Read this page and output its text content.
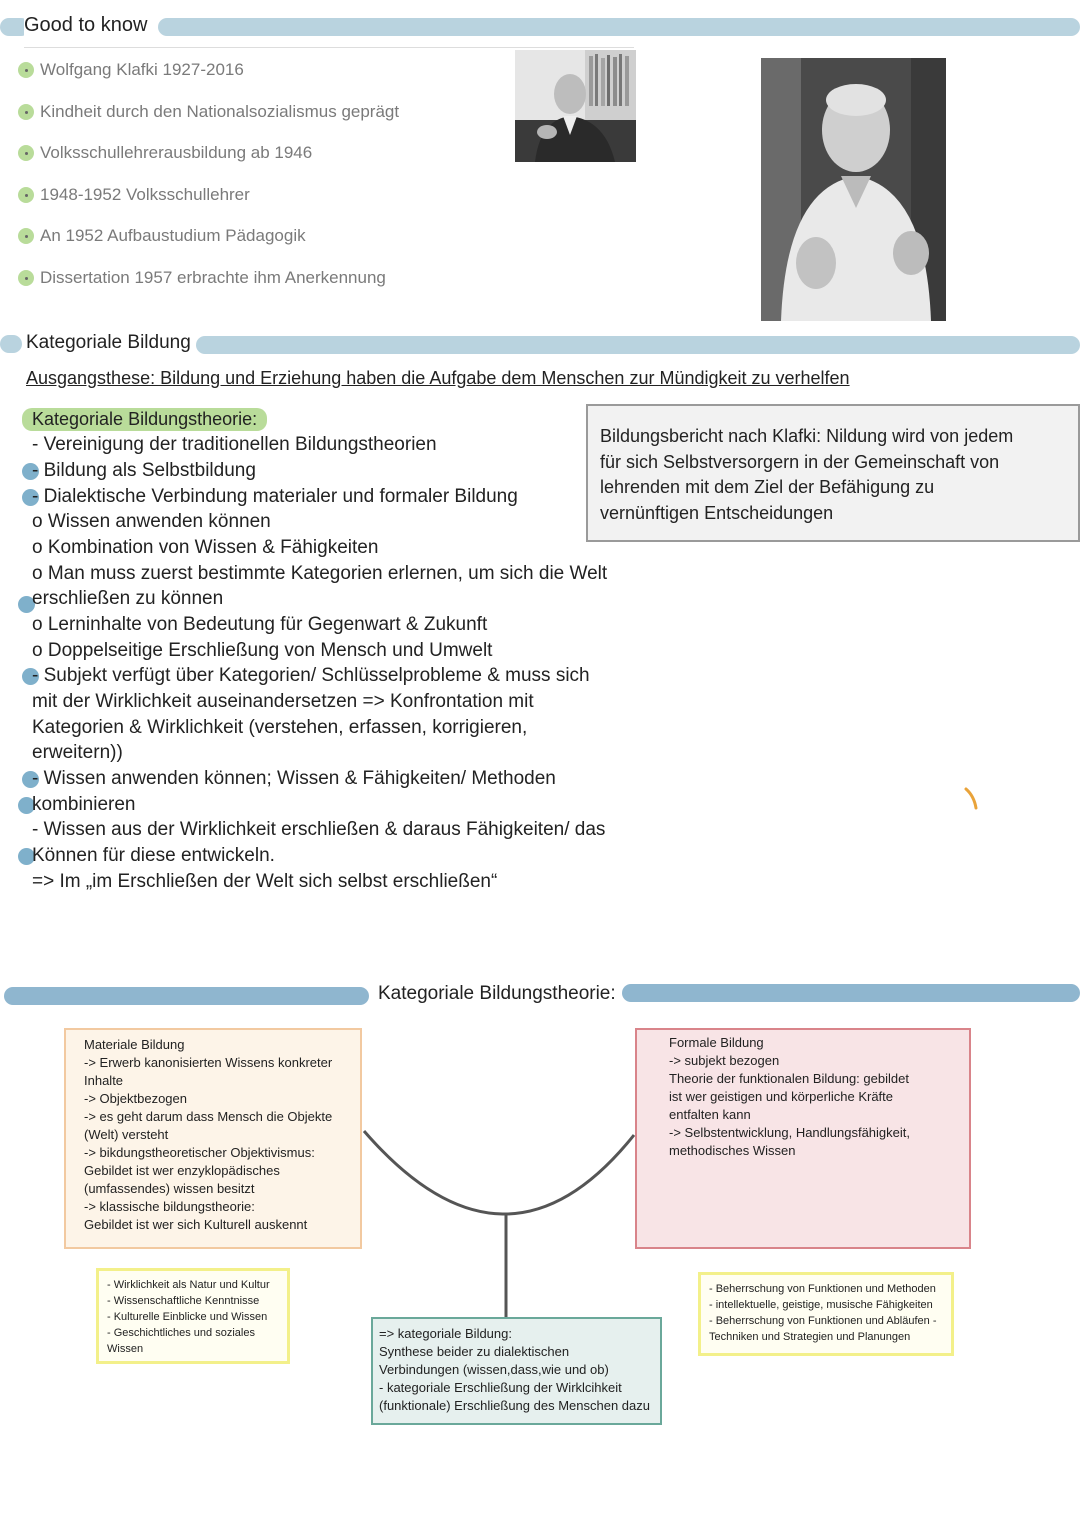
Good to know
Wolfgang Klafki 1927-2016
Kindheit durch den Nationalsozialismus geprägt
Volksschullehrerausbildung ab 1946
1948-1952 Volksschullehrer
An 1952 Aufbaustudium Pädagogik
Dissertation 1957 erbrachte ihm Anerkennung
Kategoriale Bildung
Ausgangsthese: Bildung und Erziehung haben die Aufgabe dem Menschen zur Mündigkeit zu verhelfen
Kategoriale Bildungstheorie:
- Vereinigung der traditionellen Bildungstheorien
- Bildung als Selbstbildung
- Dialektische Verbindung materialer und formaler Bildung
o Wissen anwenden können
o Kombination von Wissen & Fähigkeiten
o Man muss zuerst bestimmte Kategorien erlernen, um sich die Welt
erschließen zu können
o Lerninhalte von Bedeutung für Gegenwart & Zukunft
o Doppelseitige Erschließung von Mensch und Umwelt
- Subjekt verfügt über Kategorien/ Schlüsselprobleme & muss sich
mit der Wirklichkeit auseinandersetzen => Konfrontation mit
Kategorien & Wirklichkeit (verstehen, erfassen, korrigieren,
erweitern))
- Wissen anwenden können; Wissen & Fähigkeiten/ Methoden
kombinieren
- Wissen aus der Wirklichkeit erschließen & daraus Fähigkeiten/ das
Können für diese entwickeln.
=> Im „im Erschließen der Welt sich selbst erschließen“
Bildungsbericht nach Klafki: Nildung wird von jedem
für sich Selbstversorgern in der Gemeinschaft von
lehrenden mit dem Ziel der Befähigung zu
vernünftigen Entscheidungen
Kategoriale Bildungstheorie:
Materiale Bildung
-> Erwerb kanonisierten Wissens konkreter
Inhalte
-> Objektbezogen
-> es geht darum dass Mensch die Objekte
(Welt) versteht
-> bikdungstheoretischer Objektivismus:
Gebildet ist wer enzyklopädisches
(umfassendes) wissen besitzt
-> klassische bildungstheorie:
Gebildet ist wer sich Kulturell auskennt
Formale Bildung
-> subjekt bezogen
Theorie der funktionalen Bildung: gebildet
ist wer geistigen und körperliche Kräfte
entfalten kann
-> Selbstentwicklung, Handlungsfähigkeit,
methodisches Wissen
- Wirklichkeit als Natur und Kultur
- Wissenschaftliche Kenntnisse
- Kulturelle Einblicke und Wissen
- Geschichtliches und soziales
Wissen
- Beherrschung von Funktionen und Methoden
- intellektuelle, geistige, musische Fähigkeiten
- Beherrschung von Funktionen und Abläufen -
Techniken und Strategien und Planungen
=> kategoriale Bildung:
Synthese beider zu dialektischen
Verbindungen (wissen,dass,wie und ob)
- kategoriale Erschließung der Wirklcihkeit
(funktionale) Erschließung des Menschen dazu
